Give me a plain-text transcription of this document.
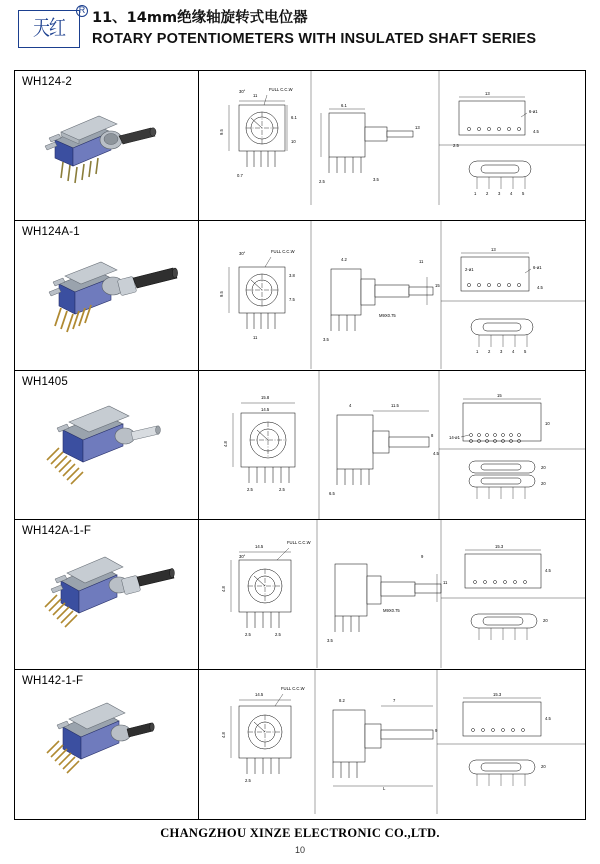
天红
R 11、14mm绝缘轴旋转式电位器
ROTARY POTENTIOMETERS WITH INSULATED SHAFT SERIES
WH124-2
11
30°	FULL C.C.W
9.5
0.7
10
6.1
6.1
13
2.5	3.5
13
6-ø1
2.5
4.5
1 2 3 4 5
WH124A-1
30°	FULL C.C.W
9.5
11
3.8
7.5
4.2
M9X0.75
3.5
15
11
13
2-ø1	6-ø1
4.5
1 2 3 4 5
WH1405
15.8
14.5
4.8
2.5	2.5
4	11.5
8
6.5
4.5
15
14-ø1
10
20
20
WH142A-1-F
14.5
30°
FULL C.C.W
4.8
2.5	2.5
M9X0.75
11
3.5
9
15.3
4.5
20
WH142-1-F
14.5
FULL C.C.W
4.8
2.5
8.2	7
L
9
15.3
4.5
20
CHANGZHOU XINZE ELECTRONIC CO.,LTD.
10
